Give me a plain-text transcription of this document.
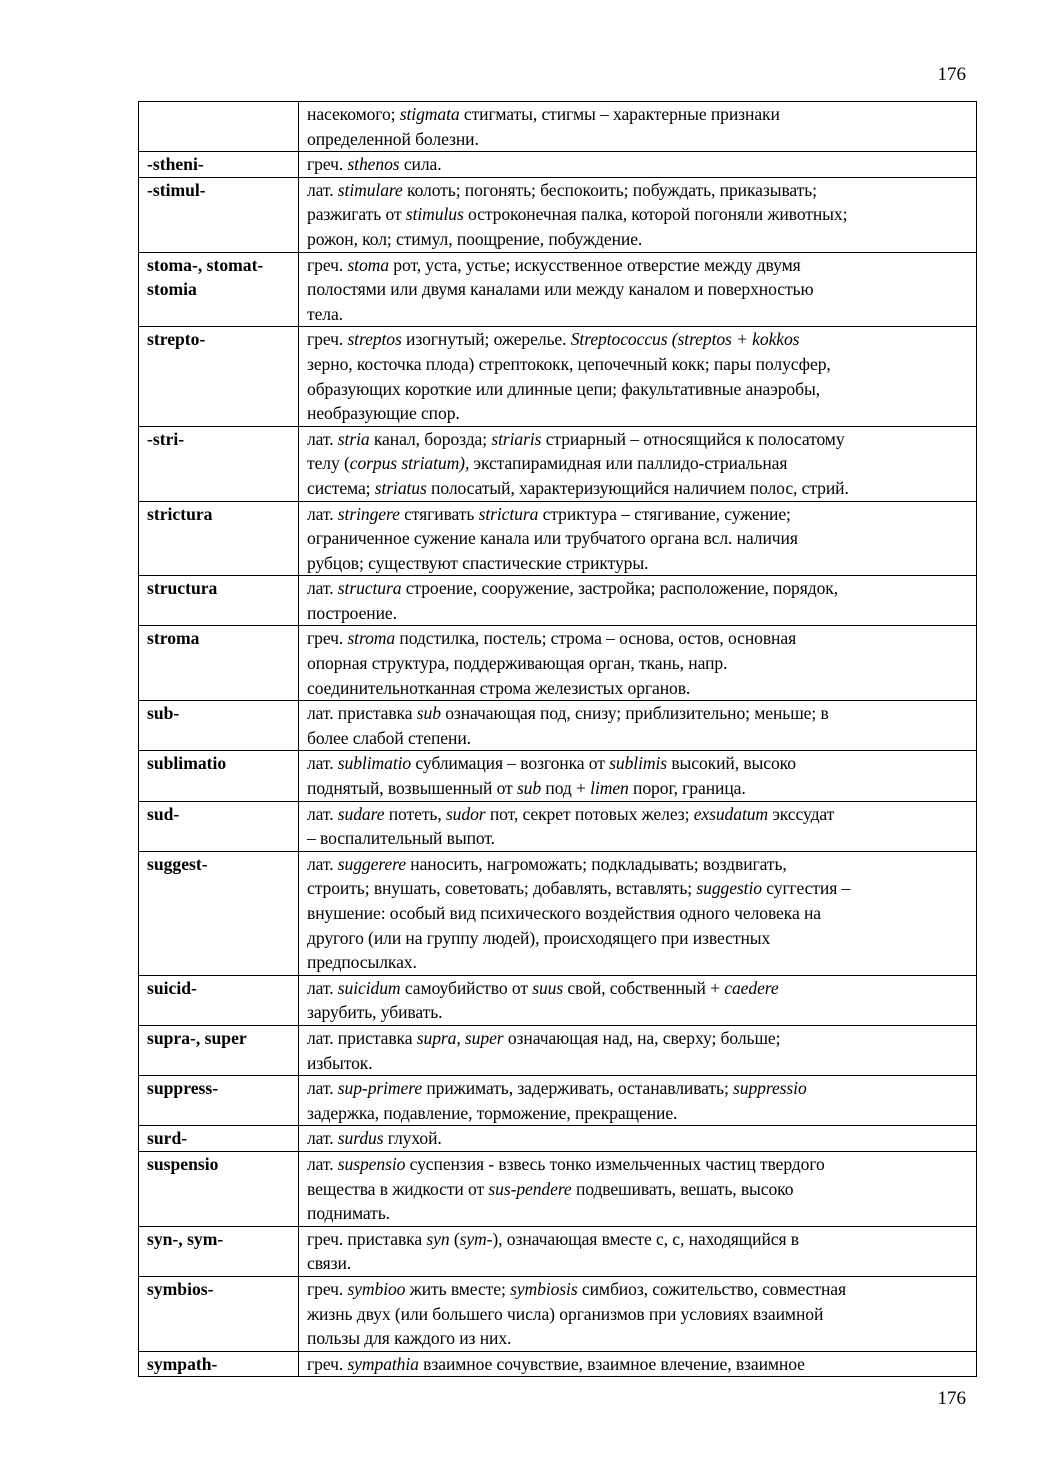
176

	насекомого; stigmata стигматы, стигмы – характерные признаки
определенной болезни.

-stheni-	греч. sthenos сила.

-stimul-	лат. stimulare колоть; погонять; беспокоить; побуждать, приказывать;
разжигать от stimulus остроконечная палка, которой погоняли животных;
рожон, кол; стимул, поощрение, побуждение.

stoma-, stomat-
stomia	греч. stoma рот, уста, устье; искусственное отверстие между двумя
полостями или двумя каналами или между каналом и поверхностью
тела.

strepto-	греч. streptos изогнутый; ожерелье. Streptococcus (streptos + kokkos
зерно, косточка плода) стрептококк, цепочечный кокк; пары полусфер,
образующих короткие или длинные цепи; факультативные анаэробы,
необразующие спор.

-stri-	лат. stria канал, борозда; striaris стриарный – относящийся к полосатому
телу (corpus striatum), экстапирамидная или паллидо-стриальная
система; striatus полосатый, характеризующийся наличием полос, стрий.

strictura	лат. stringere стягивать strictura стриктура – стягивание, сужение;
ограниченное сужение канала или трубчатого органа всл. наличия
рубцов; существуют спастические стриктуры.

structura	лат. structura строение, сооружение, застройка; расположение, порядок,
построение.

stroma	греч. stroma подстилка, постель; строма – основа, остов, основная
опорная структура, поддерживающая орган, ткань, напр.
соединительнотканная строма железистых органов.

sub-	лат. приставка sub означающая под, снизу; приблизительно; меньше; в
более слабой степени.

sublimatio	лат. sublimatio сублимация – возгонка от sublimis высокий, высоко
поднятый, возвышенный от sub под + limen порог, граница.

sud-	лат. sudare потеть, sudor пот, секрет потовых желез; exsudatum экссудат
– воспалительный выпот.

suggest-	лат. suggerere наносить, нагроможать; подкладывать; воздвигать,
строить; внушать, советовать; добавлять, вставлять; suggestio суггестия –
внушение: особый вид психического воздействия одного человека на
другого (или на группу людей), происходящего при известных
предпосылках.

suicid-	лат. suicidum самоубийство от suus свой, собственный + caedere
зарубить, убивать.

supra-, super	лат. приставка supra, super означающая над, на, сверху; больше;
избыток.

suppress-	лат. sup-primere прижимать, задерживать, останавливать; suppressio
задержка, подавление, торможение, прекращение.

surd-	лат. surdus глухой.

suspensio	лат. suspensio суспензия - взвесь тонко измельченных частиц твердого
вещества в жидкости от sus-pendere подвешивать, вешать, высоко
поднимать.

syn-, sym-	греч. приставка syn (sym-), означающая вместе с, с, находящийся в
связи.

symbios-	греч. symbioo жить вместе; symbiosis симбиоз, сожительство, совместная
жизнь двух (или большего числа) организмов при условиях взаимной
пользы для каждого из них.

sympath-	греч. sympathia взаимное сочувствие, взаимное влечение, взаимное
176
